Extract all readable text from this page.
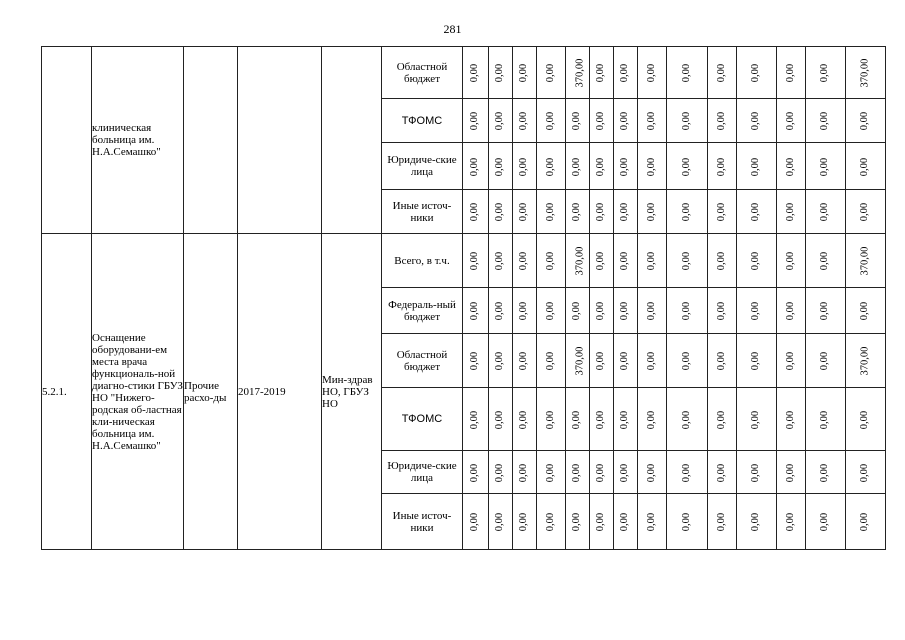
281
	клиническая больница им. Н.А.Семашко"				Областной бюджет	0,00	0,00	0,00	0,00	370,00	0,00	0,00	0,00	0,00	0,00	0,00	0,00	0,00	370,00
					ТФОМС	0,00	0,00	0,00	0,00	0,00	0,00	0,00	0,00	0,00	0,00	0,00	0,00	0,00	0,00
					Юридиче-ские лица	0,00	0,00	0,00	0,00	0,00	0,00	0,00	0,00	0,00	0,00	0,00	0,00	0,00	0,00
					Иные источ-ники	0,00	0,00	0,00	0,00	0,00	0,00	0,00	0,00	0,00	0,00	0,00	0,00	0,00	0,00
5.2.1.	Оснащение оборудовани-ем места врача функциональ-ной диагно-стики ГБУЗ НО "Нижего-родская об-ластная кли-ническая больница им. Н.А.Семашко"	Прочие расхо-ды	2017-2019	Мин-здрав НО, ГБУЗ НО	Всего, в т.ч.	0,00	0,00	0,00	0,00	370,00	0,00	0,00	0,00	0,00	0,00	0,00	0,00	0,00	370,00
					Федераль-ный бюджет	0,00	0,00	0,00	0,00	0,00	0,00	0,00	0,00	0,00	0,00	0,00	0,00	0,00	0,00
					Областной бюджет	0,00	0,00	0,00	0,00	370,00	0,00	0,00	0,00	0,00	0,00	0,00	0,00	0,00	370,00
					ТФОМС	0,00	0,00	0,00	0,00	0,00	0,00	0,00	0,00	0,00	0,00	0,00	0,00	0,00	0,00
					Юридиче-ские лица	0,00	0,00	0,00	0,00	0,00	0,00	0,00	0,00	0,00	0,00	0,00	0,00	0,00	0,00
					Иные источ-ники	0,00	0,00	0,00	0,00	0,00	0,00	0,00	0,00	0,00	0,00	0,00	0,00	0,00	0,00
